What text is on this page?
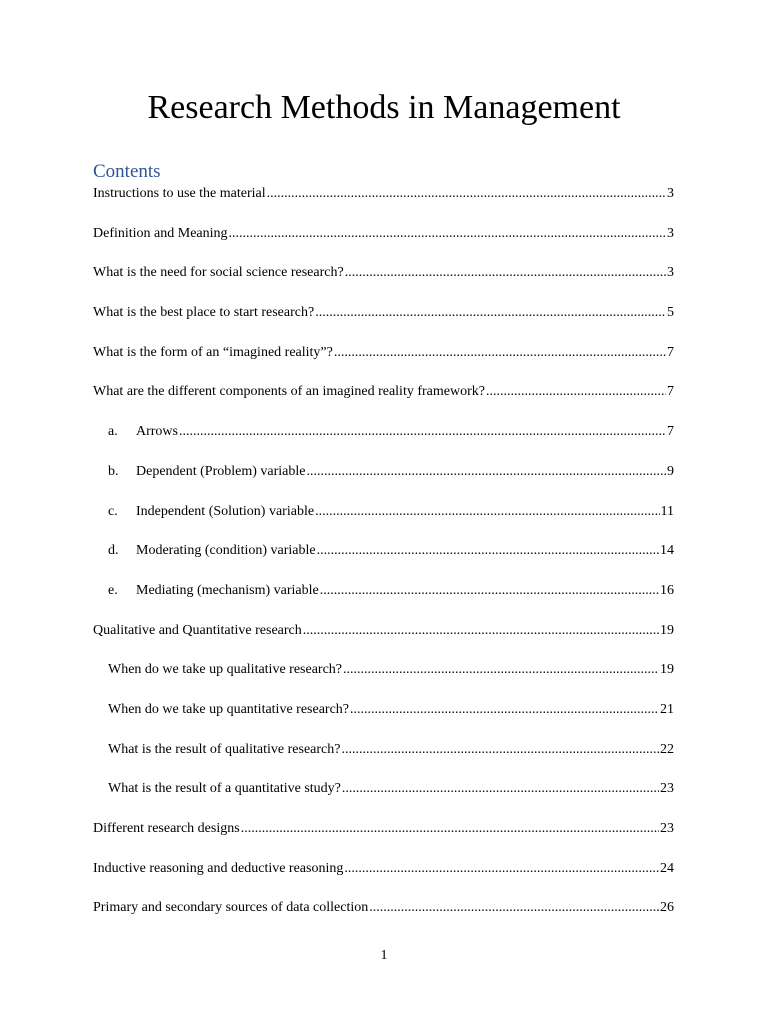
Research Methods in Management
Contents
Instructions to use the material .....	3
Definition and Meaning .....	3
What is the need for social science research? .....	3
What is the best place to start research? .....	5
What is the form of an “imagined reality”? .....	7
What are the different components of an imagined reality framework? .....	7
a.	Arrows .....	7
b.	Dependent (Problem) variable .....	9
c.	Independent (Solution) variable .....	11
d.	Moderating (condition) variable .....	14
e.	Mediating (mechanism) variable .....	16
Qualitative and Quantitative research .....	19
When do we take up qualitative research? .....	19
When do we take up quantitative research? .....	21
What is the result of qualitative research? .....	22
What is the result of a quantitative study? .....	23
Different research designs .....	23
Inductive reasoning and deductive reasoning .....	24
Primary and secondary sources of data collection .....	26
1
